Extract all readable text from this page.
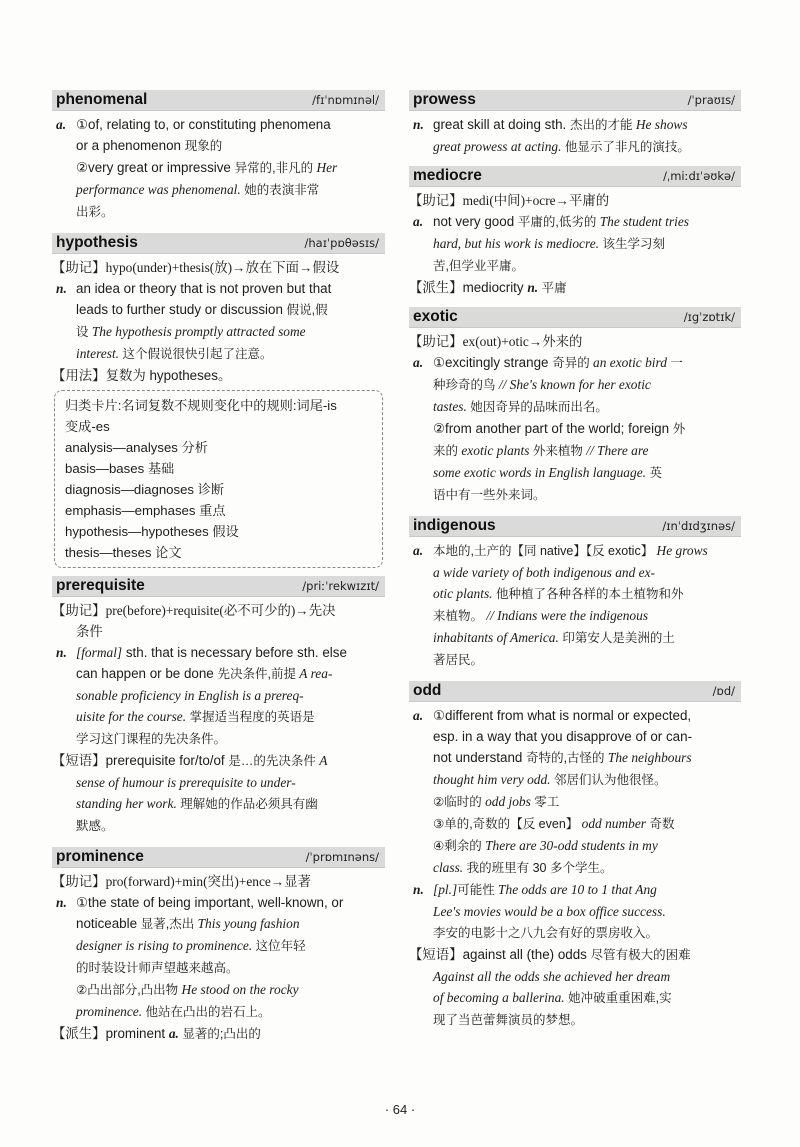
phenomenal	/fɪˈnɒmɪnəl/
a. ①of, relating to, or constituting phenomena
or a phenomenon 现象的
②very great or impressive 异常的,非凡的 Her
performance was phenomenal. 她的表演非常
出彩。
hypothesis	/haɪˈpɒθəsɪs/
【助记】hypo(under)+thesis(放)→放在下面→假设
n. an idea or theory that is not proven but that
leads to further study or discussion 假说,假
设 The hypothesis promptly attracted some
interest. 这个假说很快引起了注意。
【用法】复数为 hypotheses。
归类卡片:名词复数不规则变化中的规则:词尾-is
变成-es
analysis—analyses 分析
basis—bases 基础
diagnosis—diagnoses 诊断
emphasis—emphases 重点
hypothesis—hypotheses 假设
thesis—theses 论文
prerequisite	/priːˈrekwɪzɪt/
【助记】pre(before)+requisite(必不可少的)→先决
条件
n. [formal] sth. that is necessary before sth. else
can happen or be done 先决条件,前提 A rea-
sonable proficiency in English is a prereq-
uisite for the course. 掌握适当程度的英语是
学习这门课程的先决条件。
【短语】prerequisite for/to/of 是…的先决条件 A
sense of humour is prerequisite to under-
standing her work. 理解她的作品必须具有幽
默感。
prominence	/ˈprɒmɪnəns/
【助记】pro(forward)+min(突出)+ence→显著
n. ①the state of being important, well-known, or
noticeable 显著,杰出 This young fashion
designer is rising to prominence. 这位年轻
的时装设计师声望越来越高。
②凸出部分,凸出物 He stood on the rocky
prominence. 他站在凸出的岩石上。
【派生】prominent a. 显著的;凸出的
prowess	/ˈpraʊɪs/
n. great skill at doing sth. 杰出的才能 He shows
great prowess at acting. 他显示了非凡的演技。
mediocre	/ˌmiːdɪˈəʊkə/
【助记】medi(中间)+ocre→平庸的
a. not very good 平庸的,低劣的 The student tries
hard, but his work is mediocre. 该生学习刻
苦,但学业平庸。
【派生】mediocrity n. 平庸
exotic	/ɪgˈzɒtɪk/
【助记】ex(out)+otic→外来的
a. ①excitingly strange 奇异的 an exotic bird 一
种珍奇的鸟 // She's known for her exotic
tastes. 她因奇异的品味而出名。
②from another part of the world; foreign 外
来的 exotic plants 外来植物 // There are
some exotic words in English language. 英
语中有一些外来词。
indigenous	/ɪnˈdɪdʒɪnəs/
a. 本地的,土产的【同 native】【反 exotic】 He grows
a wide variety of both indigenous and ex-
otic plants. 他种植了各种各样的本土植物和外
来植物。 // Indians were the indigenous
inhabitants of America. 印第安人是美洲的土
著居民。
odd	/ɒd/
a. ①different from what is normal or expected,
esp. in a way that you disapprove of or can-
not understand 奇特的,古怪的 The neighbours
thought him very odd. 邻居们认为他很怪。
②临时的 odd jobs 零工
③单的,奇数的【反 even】 odd number 奇数
④剩余的 There are 30-odd students in my
class. 我的班里有 30 多个学生。
n. [pl.]可能性 The odds are 10 to 1 that Ang
Lee's movies would be a box office success.
李安的电影十之八九会有好的票房收入。
【短语】against all (the) odds 尽管有极大的困难
Against all the odds she achieved her dream
of becoming a ballerina. 她冲破重重困难,实
现了当芭蕾舞演员的梦想。
· 64 ·
